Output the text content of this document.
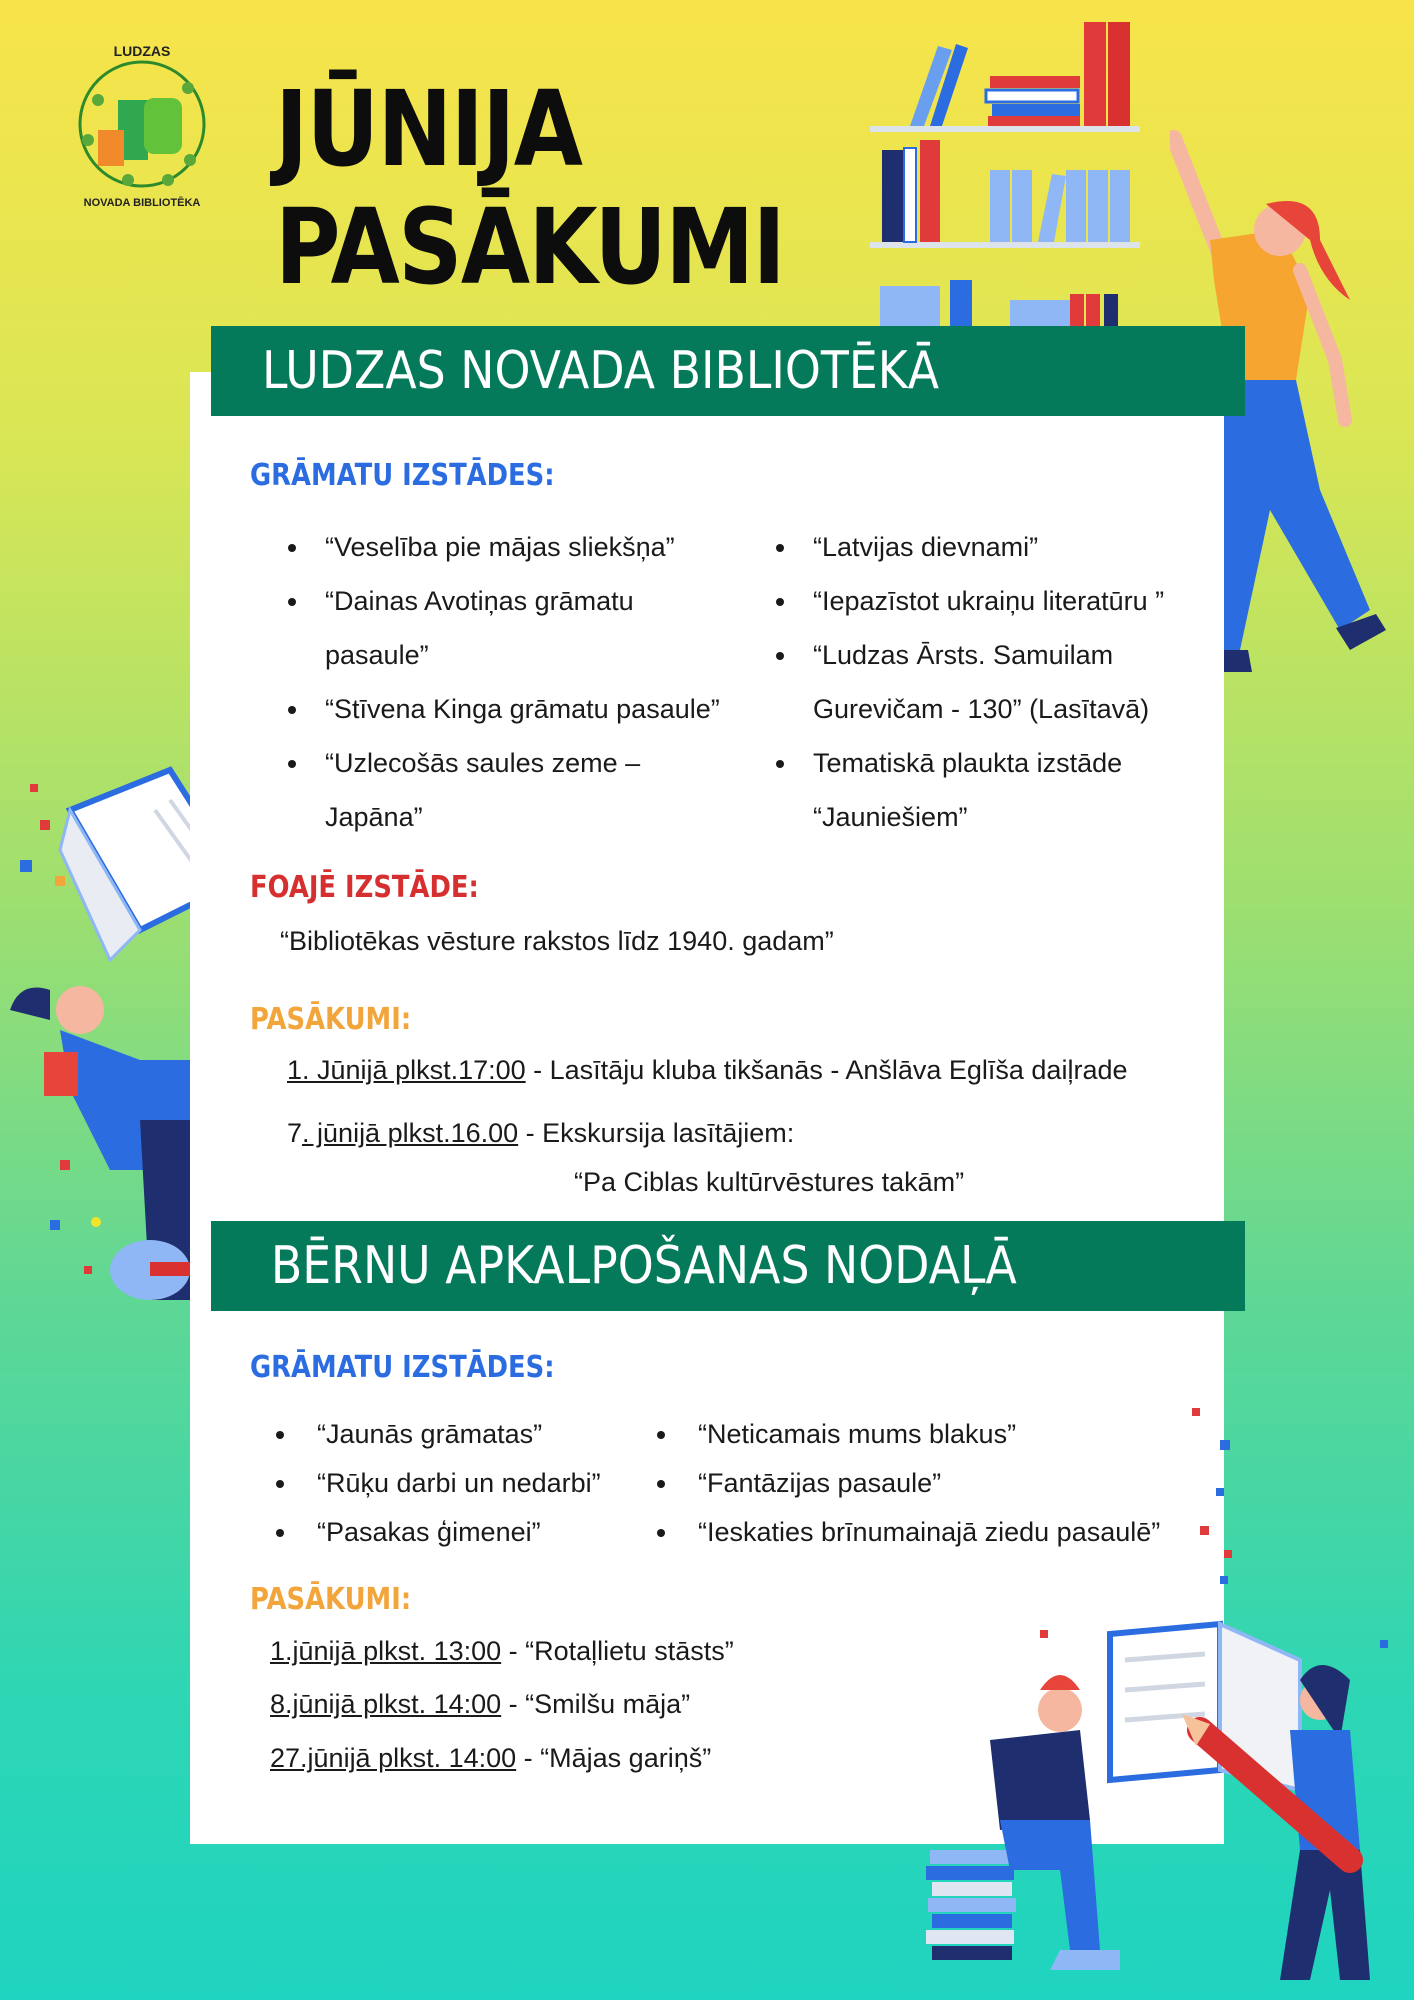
LUDZAS
NOVADA BIBLIOTĒKA
JŪNIJA
PASĀKUMI
LUDZAS NOVADA BIBLIOTĒKĀ
GRĀMATU IZSTĀDES:
• “Veselība pie mājas sliekšņa”
• “Dainas Avotiņas grāmatu pasaule”
• “Stīvena Kinga grāmatu pasaule”
• “Uzlecošās saules zeme – Japāna”
• “Latvijas dievnami”
• “Iepazīstot ukraiņu literatūru ”
• “Ludzas Ārsts. Samuilam Gurevičam - 130” (Lasītavā)
• Tematiskā plaukta izstāde “Jauniešiem”
FOAJĒ IZSTĀDE:
“Bibliotēkas vēsture rakstos līdz 1940. gadam”
PASĀKUMI:
1. Jūnijā plkst.17:00 - Lasītāju kluba tikšanās - Anšlāva Eglīša daiļrade
7. jūnijā plkst.16.00 - Ekskursija lasītājiem:
“Pa Ciblas kultūrvēstures takām”
BĒRNU APKALPOŠANAS NODAĻĀ
GRĀMATU IZSTĀDES:
• “Jaunās grāmatas”
• “Rūķu darbi un nedarbi”
• “Pasakas ģimenei”
• “Neticamais mums blakus”
• “Fantāzijas pasaule”
• “Ieskaties brīnumainajā ziedu pasaulē”
PASĀKUMI:
1.jūnijā plkst. 13:00 - “Rotaļlietu stāsts”
8.jūnijā plkst. 14:00 - “Smilšu māja”
27.jūnijā plkst. 14:00 - “Mājas gariņš”
